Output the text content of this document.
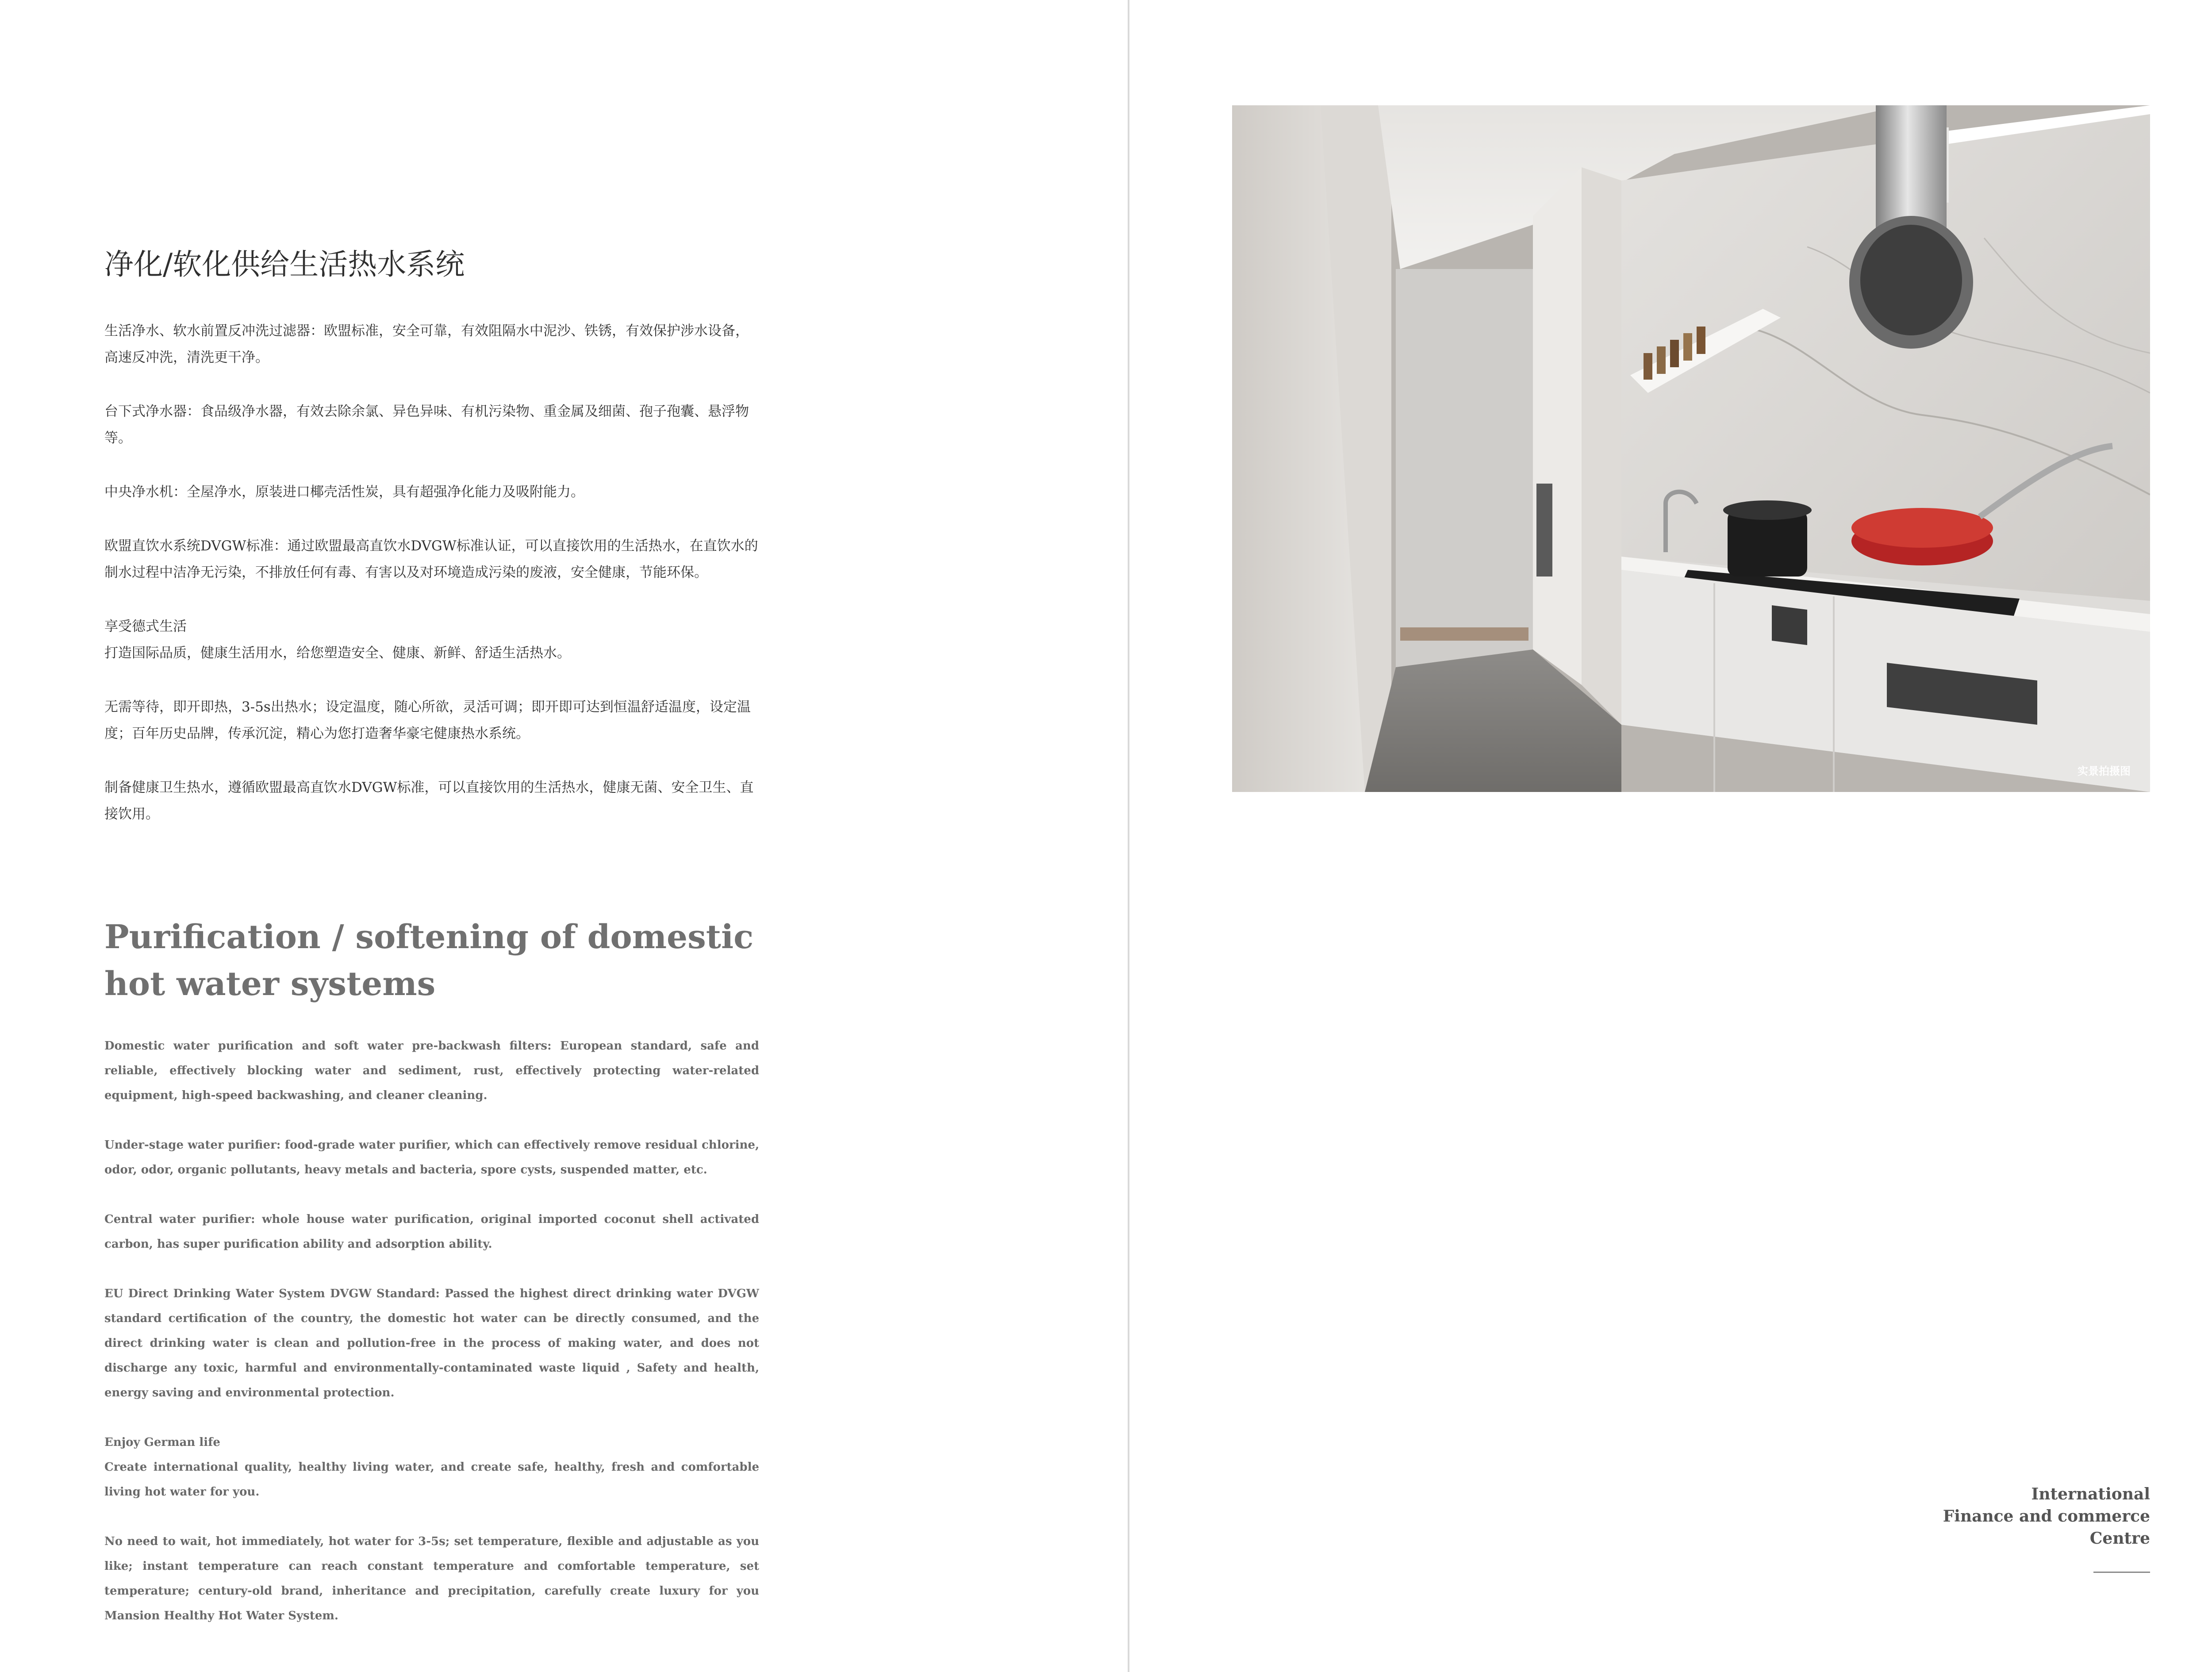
净化/软化供给生活热水系统

生活净水、软水前置反冲洗过滤器：欧盟标准，安全可靠，有效阻隔水中泥沙、铁锈，有效保护涉水设备，高速反冲洗，清洗更干净。

台下式净水器：食品级净水器，有效去除余氯、异色异味、有机污染物、重金属及细菌、孢子孢囊、悬浮物等。

中央净水机：全屋净水，原装进口椰壳活性炭，具有超强净化能力及吸附能力。

欧盟直饮水系统DVGW标准：通过欧盟最高直饮水DVGW标准认证，可以直接饮用的生活热水，在直饮水的制水过程中洁净无污染，不排放任何有毒、有害以及对环境造成污染的废液，安全健康，节能环保。

享受德式生活
打造国际品质，健康生活用水，给您塑造安全、健康、新鲜、舒适生活热水。

无需等待，即开即热，3-5s出热水；设定温度，随心所欲，灵活可调；即开即可达到恒温舒适温度，设定温度；百年历史品牌，传承沉淀，精心为您打造奢华豪宅健康热水系统。

制备健康卫生热水，遵循欧盟最高直饮水DVGW标准，可以直接饮用的生活热水，健康无菌、安全卫生、直接饮用。

Purification / softening of domestic hot water systems

Domestic water purification and soft water pre-backwash filters: European standard, safe and reliable, effectively blocking water and sediment, rust, effectively protecting water-related equipment, high-speed backwashing, and cleaner cleaning.

Under-stage water purifier: food-grade water purifier, which can effectively remove residual chlorine, odor, odor, organic pollutants, heavy metals and bacteria, spore cysts, suspended matter, etc.

Central water purifier: whole house water purification, original imported coconut shell activated carbon, has super purification ability and adsorption ability.

EU Direct Drinking Water System DVGW Standard: Passed the highest direct drinking water DVGW standard certification of the country, the domestic hot water can be directly consumed, and the direct drinking water is clean and pollution-free in the process of making water, and does not discharge any toxic, harmful and environmentally-contaminated waste liquid , Safety and health, energy saving and environmental protection.

Enjoy German life
Create international quality, healthy living water, and create safe, healthy, fresh and comfortable living hot water for you.

No need to wait, hot immediately, hot water for 3-5s; set temperature, flexible and adjustable as you like; instant temperature can reach constant temperature and comfortable temperature, set temperature; century-old brand, inheritance and precipitation, carefully create luxury for you Mansion Healthy Hot Water System.

实景拍摄图
International
Finance and commerce
Centre
